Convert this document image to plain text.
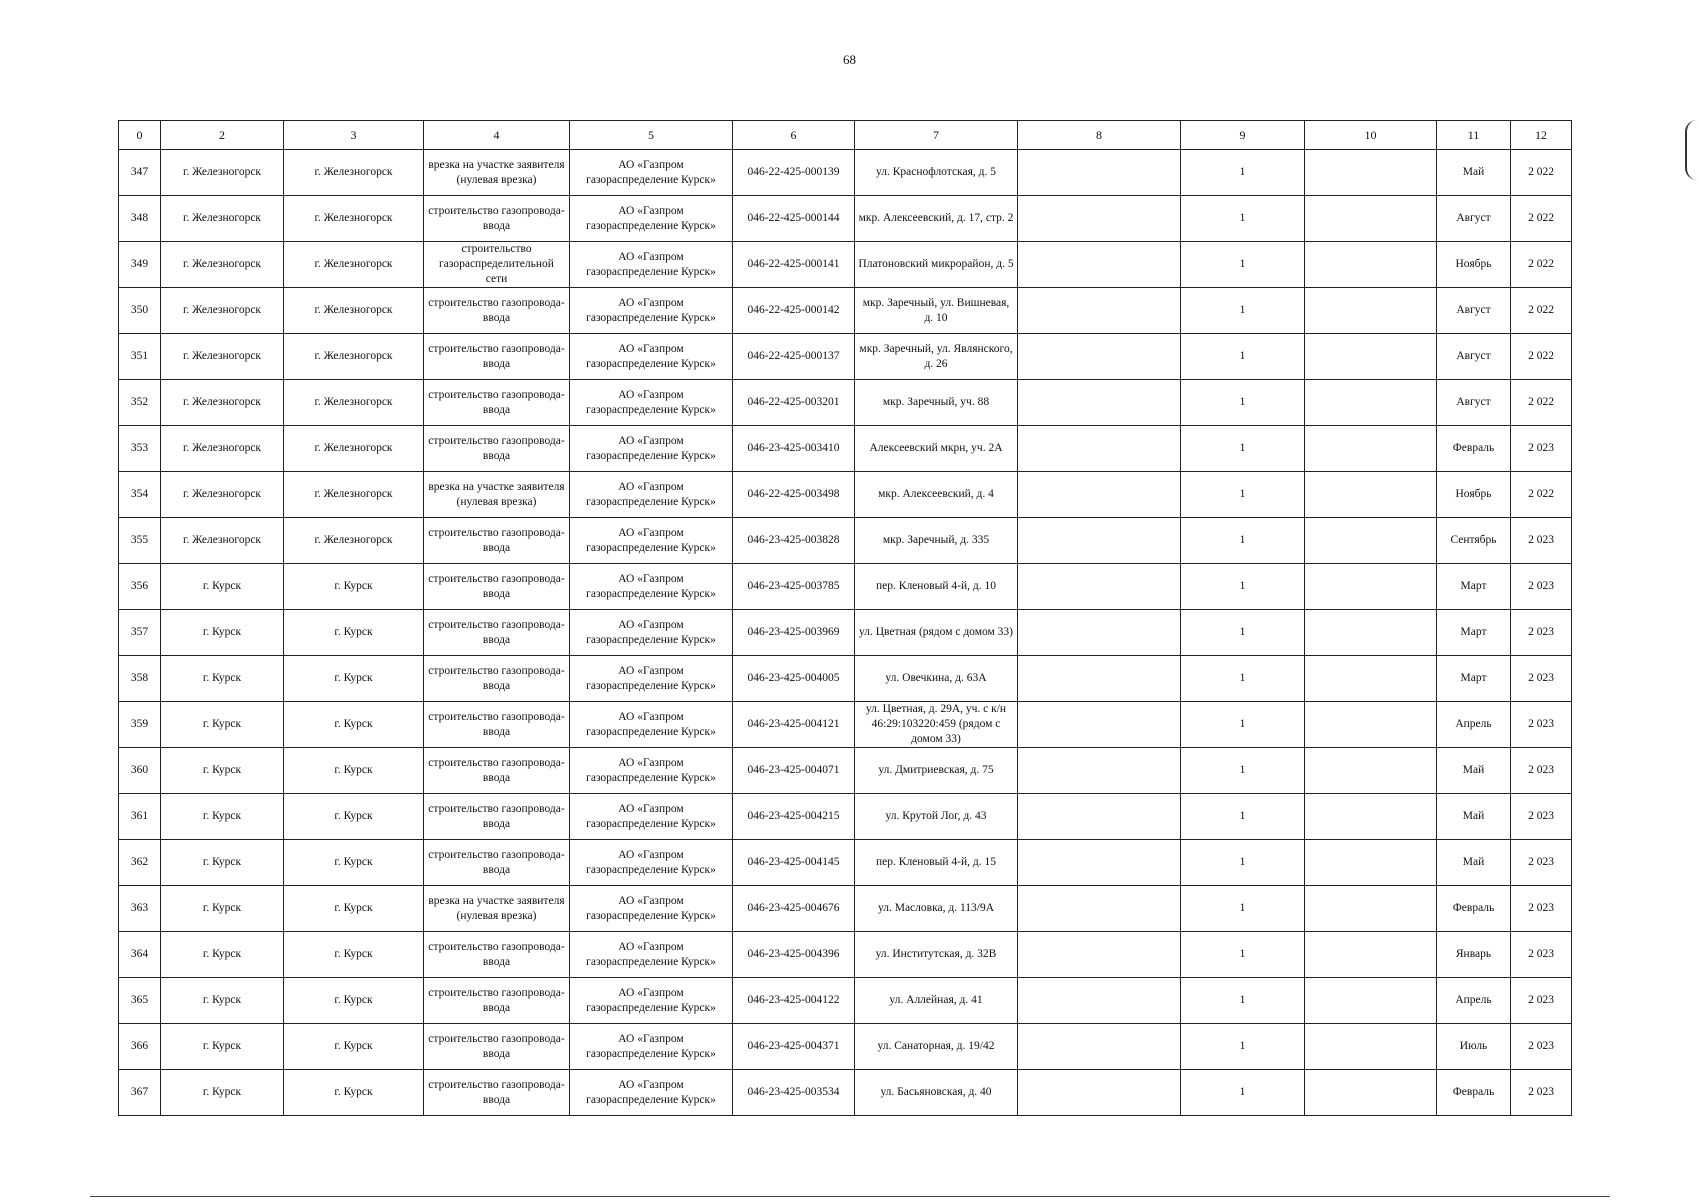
68
0	2	3	4	5	6	7	8	9	10	11	12
347	г. Железногорск	г. Железногорск	врезка на участке заявителя (нулевая врезка)	АО «Газпром газораспределение Курск»	046-22-425-000139	ул. Краснофлотская, д. 5		1		Май	2 022
348	г. Железногорск	г. Железногорск	строительство газопровода-ввода	АО «Газпром газораспределение Курск»	046-22-425-000144	мкр. Алексеевский, д. 17, стр. 2		1		Август	2 022
349	г. Железногорск	г. Железногорск	строительство газораспределительной сети	АО «Газпром газораспределение Курск»	046-22-425-000141	Платоновский микрорайон, д. 5		1		Ноябрь	2 022
350	г. Железногорск	г. Железногорск	строительство газопровода-ввода	АО «Газпром газораспределение Курск»	046-22-425-000142	мкр. Заречный, ул. Вишневая, д. 10		1		Август	2 022
351	г. Железногорск	г. Железногорск	строительство газопровода-ввода	АО «Газпром газораспределение Курск»	046-22-425-000137	мкр. Заречный, ул. Являнского, д. 26		1		Август	2 022
352	г. Железногорск	г. Железногорск	строительство газопровода-ввода	АО «Газпром газораспределение Курск»	046-22-425-003201	мкр. Заречный, уч. 88		1		Август	2 022
353	г. Железногорск	г. Железногорск	строительство газопровода-ввода	АО «Газпром газораспределение Курск»	046-23-425-003410	Алексеевский мкрн, уч. 2А		1		Февраль	2 023
354	г. Железногорск	г. Железногорск	врезка на участке заявителя (нулевая врезка)	АО «Газпром газораспределение Курск»	046-22-425-003498	мкр. Алексеевский, д. 4		1		Ноябрь	2 022
355	г. Железногорск	г. Железногорск	строительство газопровода-ввода	АО «Газпром газораспределение Курск»	046-23-425-003828	мкр. Заречный, д. 335		1		Сентябрь	2 023
356	г. Курск	г. Курск	строительство газопровода-ввода	АО «Газпром газораспределение Курск»	046-23-425-003785	пер. Кленовый 4-й, д. 10		1		Март	2 023
357	г. Курск	г. Курск	строительство газопровода-ввода	АО «Газпром газораспределение Курск»	046-23-425-003969	ул. Цветная (рядом с домом 33)		1		Март	2 023
358	г. Курск	г. Курск	строительство газопровода-ввода	АО «Газпром газораспределение Курск»	046-23-425-004005	ул. Овечкина, д. 63А		1		Март	2 023
359	г. Курск	г. Курск	строительство газопровода-ввода	АО «Газпром газораспределение Курск»	046-23-425-004121	ул. Цветная, д. 29А, уч. с к/н 46:29:103220:459 (рядом с домом 33)		1		Апрель	2 023
360	г. Курск	г. Курск	строительство газопровода-ввода	АО «Газпром газораспределение Курск»	046-23-425-004071	ул. Дмитриевская, д. 75		1		Май	2 023
361	г. Курск	г. Курск	строительство газопровода-ввода	АО «Газпром газораспределение Курск»	046-23-425-004215	ул. Крутой Лог, д. 43		1		Май	2 023
362	г. Курск	г. Курск	строительство газопровода-ввода	АО «Газпром газораспределение Курск»	046-23-425-004145	пер. Кленовый 4-й, д. 15		1		Май	2 023
363	г. Курск	г. Курск	врезка на участке заявителя (нулевая врезка)	АО «Газпром газораспределение Курск»	046-23-425-004676	ул. Масловка, д. 113/9А		1		Февраль	2 023
364	г. Курск	г. Курск	строительство газопровода-ввода	АО «Газпром газораспределение Курск»	046-23-425-004396	ул. Институтская, д. 32В		1		Январь	2 023
365	г. Курск	г. Курск	строительство газопровода-ввода	АО «Газпром газораспределение Курск»	046-23-425-004122	ул. Аллейная, д. 41		1		Апрель	2 023
366	г. Курск	г. Курск	строительство газопровода-ввода	АО «Газпром газораспределение Курск»	046-23-425-004371	ул. Санаторная, д. 19/42		1		Июль	2 023
367	г. Курск	г. Курск	строительство газопровода-ввода	АО «Газпром газораспределение Курск»	046-23-425-003534	ул. Басьяновская, д. 40		1		Февраль	2 023
